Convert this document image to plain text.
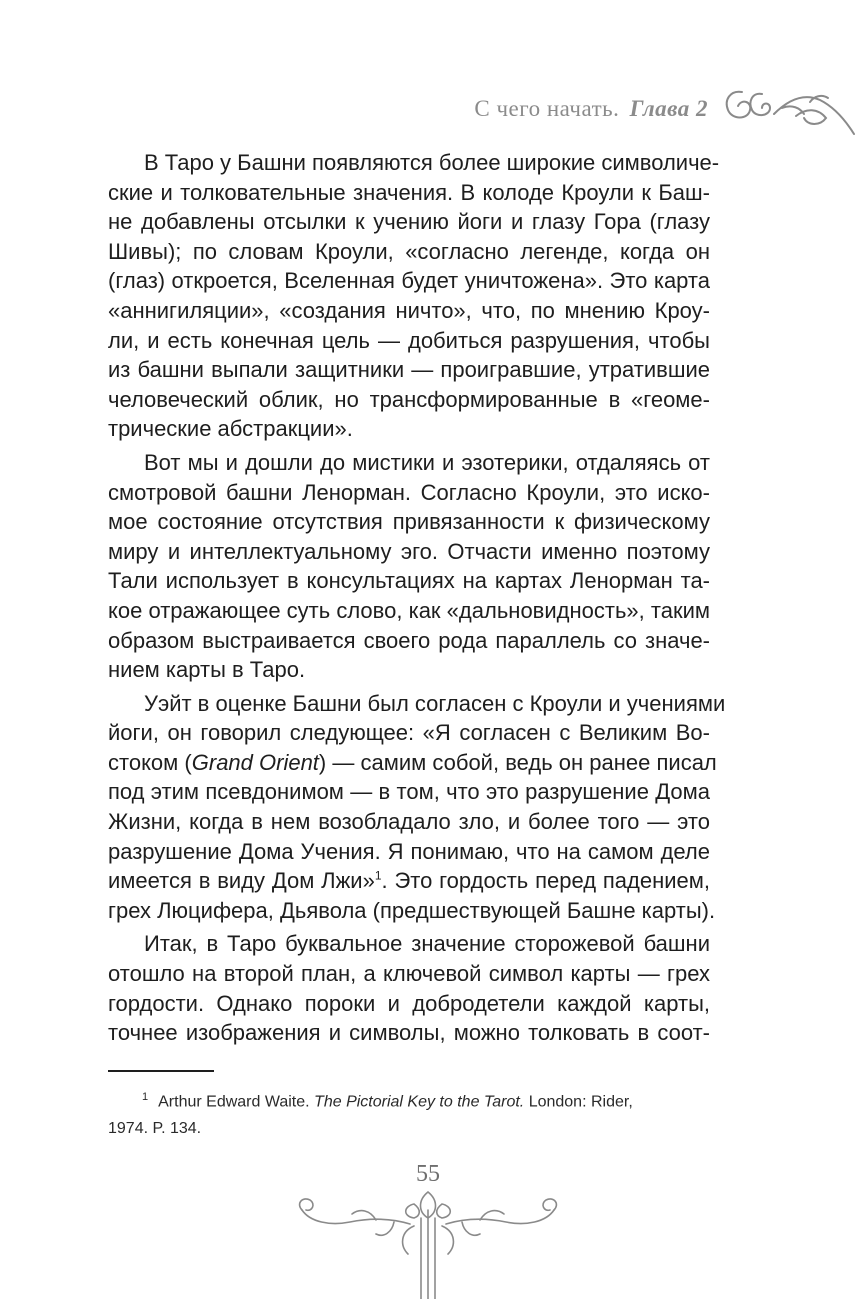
С чего начать. Глава 2
В Таро у Башни появляются более широкие символиче-
ские и толковательные значения. В колоде Кроули к Баш-
не добавлены отсылки к учению йоги и глазу Гора (глазу
Шивы); по словам Кроули, «согласно легенде, когда он
(глаз) откроется, Вселенная будет уничтожена». Это карта
«аннигиляции», «создания ничто», что, по мнению Кроу-
ли, и есть конечная цель — добиться разрушения, чтобы
из башни выпали защитники — проигравшие, утратившие
человеческий облик, но трансформированные в «геоме-
трические абстракции».
Вот мы и дошли до мистики и эзотерики, отдаляясь от
смотровой башни Ленорман. Согласно Кроули, это иско-
мое состояние отсутствия привязанности к физическому
миру и интеллектуальному эго. Отчасти именно поэтому
Тали использует в консультациях на картах Ленорман та-
кое отражающее суть слово, как «дальновидность», таким
образом выстраивается своего рода параллель со значе-
нием карты в Таро.
Уэйт в оценке Башни был согласен с Кроули и учениями
йоги, он говорил следующее: «Я согласен с Великим Во-
стоком (Grand Orient) — самим собой, ведь он ранее писал
под этим псевдонимом — в том, что это разрушение Дома
Жизни, когда в нем возобладало зло, и более того — это
разрушение Дома Учения. Я понимаю, что на самом деле
имеется в виду Дом Лжи»$^1$. Это гордость перед падением,
грех Люцифера, Дьявола (предшествующей Башне карты).
Итак, в Таро буквальное значение сторожевой башни
отошло на второй план, а ключевой символ карты — грех
гордости. Однако пороки и добродетели каждой карты,
точнее изображения и символы, можно толковать в соот-
$^1$ Arthur Edward Waite. The Pictorial Key to the Tarot. London: Rider,
1974. P. 134.
55
